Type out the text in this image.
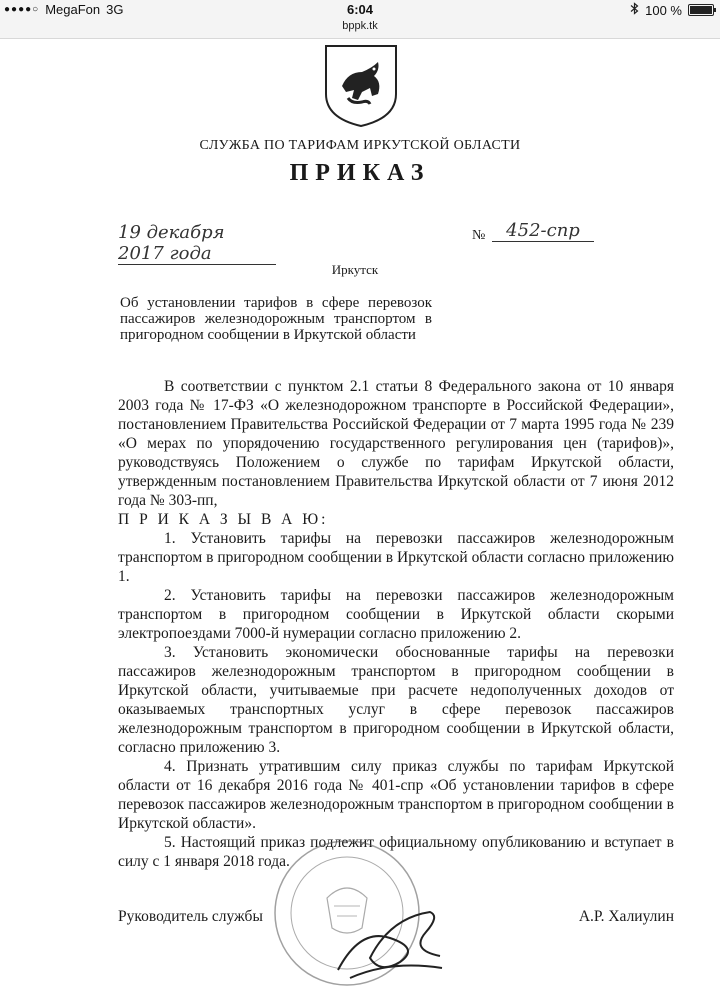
●●●●○ MegaFon 3G	6:04	100 %
bppk.tk
СЛУЖБА ПО ТАРИФАМ ИРКУТСКОЙ ОБЛАСТИ
ПРИКАЗ
19 декабря 2017 года
№	452-спр
Иркутск
Об установлении тарифов в сфере перевозок пассажиров железнодорожным транспортом в пригородном сообщении в Иркутской области

В соответствии с пунктом 2.1 статьи 8 Федерального закона от 10 января 2003 года № 17-ФЗ «О железнодорожном транспорте в Российской Федерации», постановлением Правительства Российской Федерации от 7 марта 1995 года № 239 «О мерах по упорядочению государственного регулирования цен (тарифов)», руководствуясь Положением о службе по тарифам Иркутской области, утвержденным постановлением Правительства Иркутской области от 7 июня 2012 года № 303-пп,

П Р И К А З Ы В А Ю:

1. Установить тарифы на перевозки пассажиров железнодорожным транспортом в пригородном сообщении в Иркутской области согласно приложению 1.

2. Установить тарифы на перевозки пассажиров железнодорожным транспортом в пригородном сообщении в Иркутской области скорыми электропоездами 7000-й нумерации согласно приложению 2.

3. Установить экономически обоснованные тарифы на перевозки пассажиров железнодорожным транспортом в пригородном сообщении в Иркутской области, учитываемые при расчете недополученных доходов от оказываемых транспортных услуг в сфере перевозок пассажиров железнодорожным транспортом в пригородном сообщении в Иркутской области, согласно приложению 3.

4. Признать утратившим силу приказ службы по тарифам Иркутской области от 16 декабря 2016 года № 401-спр «Об установлении тарифов в сфере перевозок пассажиров железнодорожным транспортом в пригородном сообщении в Иркутской области».

5. Настоящий приказ подлежит официальному опубликованию и вступает в силу с 1 января 2018 года.

Руководитель службы	А.Р. Халиулин
